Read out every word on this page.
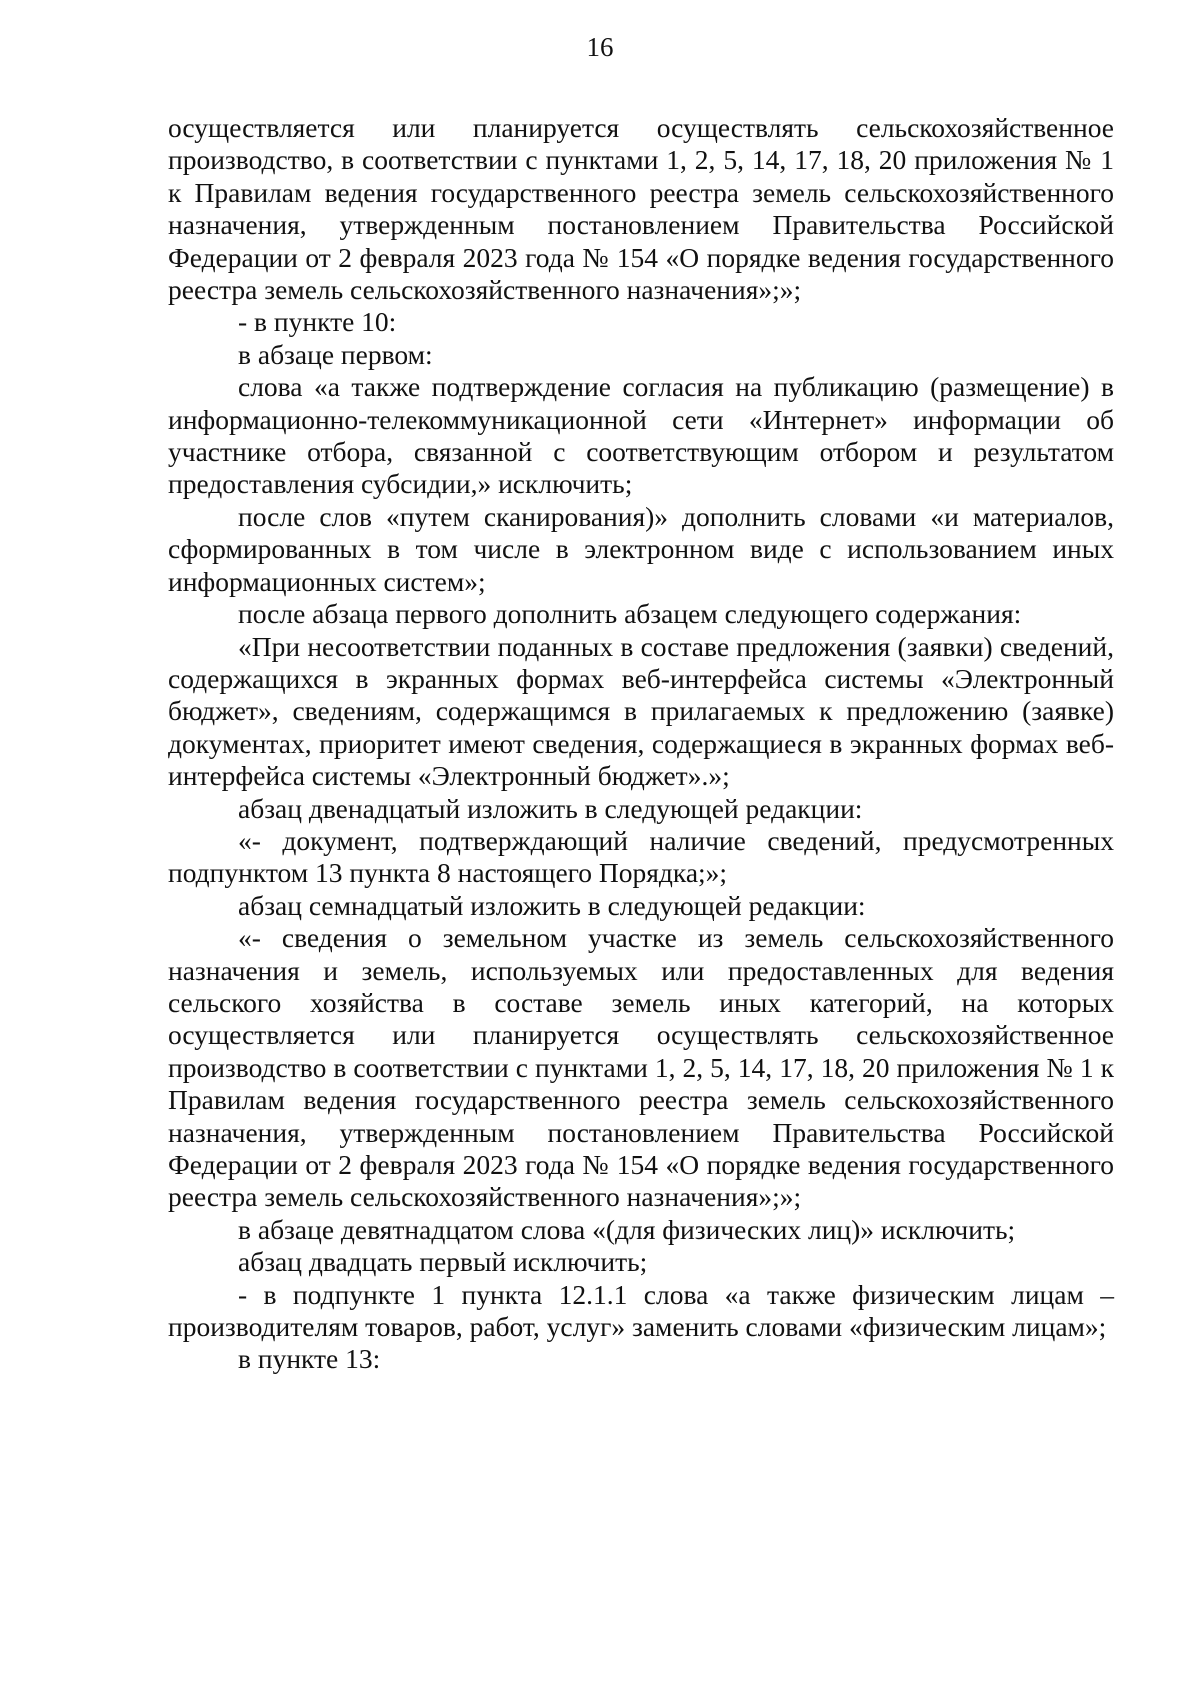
16

осуществляется или планируется осуществлять сельскохозяйственное производство, в соответствии с пунктами 1, 2, 5, 14, 17, 18, 20 приложения № 1 к Правилам ведения государственного реестра земель сельскохозяйственного назначения, утвержденным постановлением Правительства Российской Федерации от 2 февраля 2023 года № 154 «О порядке ведения государственного реестра земель сельскохозяйственного назначения»;»;

- в пункте 10:

в абзаце первом:

слова «а также подтверждение согласия на публикацию (размещение) в информационно-телекоммуникационной сети «Интернет» информации об участнике отбора, связанной с соответствующим отбором и результатом предоставления субсидии,» исключить;

после слов «путем сканирования)» дополнить словами «и материалов, сформированных в том числе в электронном виде с использованием иных информационных систем»;

после абзаца первого дополнить абзацем следующего содержания:

«При несоответствии поданных в составе предложения (заявки) сведений, содержащихся в экранных формах веб-интерфейса системы «Электронный бюджет», сведениям, содержащимся в прилагаемых к предложению (заявке) документах, приоритет имеют сведения, содержащиеся в экранных формах веб-интерфейса системы «Электронный бюджет».»;

абзац двенадцатый изложить в следующей редакции:

«- документ, подтверждающий наличие сведений, предусмотренных подпунктом 13 пункта 8 настоящего Порядка;»;

абзац семнадцатый изложить в следующей редакции:

«- сведения о земельном участке из земель сельскохозяйственного назначения и земель, используемых или предоставленных для ведения сельского хозяйства в составе земель иных категорий, на которых осуществляется или планируется осуществлять сельскохозяйственное производство в соответствии с пунктами 1, 2, 5, 14, 17, 18, 20 приложения № 1 к Правилам ведения государственного реестра земель сельскохозяйственного назначения, утвержденным постановлением Правительства Российской Федерации от 2 февраля 2023 года № 154 «О порядке ведения государственного реестра земель сельскохозяйственного назначения»;»;

в абзаце девятнадцатом слова «(для физических лиц)» исключить;

абзац двадцать первый исключить;

- в подпункте 1 пункта 12.1.1 слова «а также физическим лицам – производителям товаров, работ, услуг» заменить словами «физическим лицам»;

в пункте 13:
